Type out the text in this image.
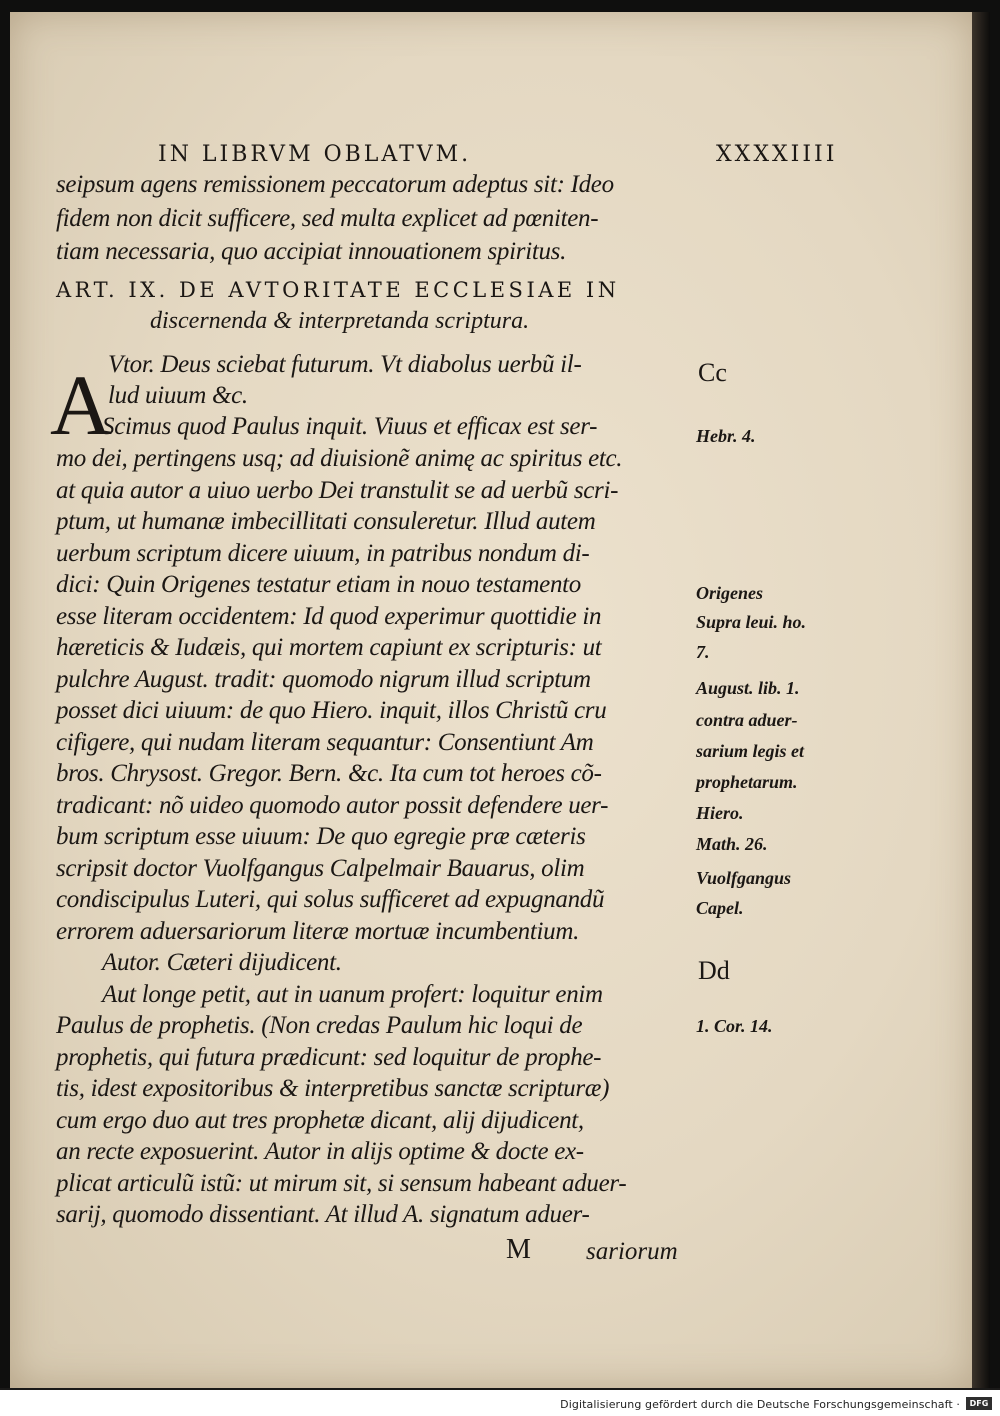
IN LIBRVM OBLATVM.	XXXXIIII
seipsum agens remissionem peccatorum adeptus sit: Ideo
fidem non dicit sufficere, sed multa explicet ad pœniten-
tiam necessaria, quo accipiat innouationem spiritus.
ART. IX. DE AVTORITATE ECCLESIAE IN
discernenda & interpretanda scriptura.
A
Vtor. Deus sciebat futurum. Vt diabolus uerbũ il-
lud uiuum &c.
Scimus quod Paulus inquit. Viuus et efficax est ser-
mo dei, pertingens usq; ad diuisionẽ animę ac spiritus etc.
at quia autor a uiuo uerbo Dei transtulit se ad uerbũ scri-
ptum, ut humanæ imbecillitati consuleretur. Illud autem
uerbum scriptum dicere uiuum, in patribus nondum di-
dici: Quin Origenes testatur etiam in nouo testamento
esse literam occidentem: Id quod experimur quottidie in
hæreticis & Iudæis, qui mortem capiunt ex scripturis: ut
pulchre August. tradit: quomodo nigrum illud scriptum
posset dici uiuum: de quo Hiero. inquit, illos Christũ cru
cifigere, qui nudam literam sequantur: Consentiunt Am
bros. Chrysost. Gregor. Bern. &c. Ita cum tot heroes cõ-
tradicant: nõ uideo quomodo autor possit defendere uer-
bum scriptum esse uiuum: De quo egregie præ cæteris
scripsit doctor Vuolfgangus Calpelmair Bauarus, olim
condiscipulus Luteri, qui solus sufficeret ad expugnandũ
errorem aduersariorum literæ mortuæ incumbentium.
Autor. Cæteri dijudicent.
Aut longe petit, aut in uanum profert: loquitur enim
Paulus de prophetis. (Non credas Paulum hic loqui de
prophetis, qui futura prædicunt: sed loquitur de prophe-
tis, idest expositoribus & interpretibus sanctæ scripturæ)
cum ergo duo aut tres prophetæ dicant, alij dijudicent,
an recte exposuerint. Autor in alijs optime & docte ex-
plicat articulũ istũ: ut mirum sit, si sensum habeant aduer-
sarij, quomodo dissentiant. At illud A. signatum aduer-
Cc
Hebr. 4.
Origenes
Supra leui. ho.
7.
August. lib. 1.
contra aduer-
sarium legis et
prophetarum.
Hiero.
Math. 26.
Vuolfgangus
Capel.
Dd
1. Cor. 14.
M sariorum
Digitalisierung gefördert durch die Deutsche Forschungsgemeinschaft ·	DFG
